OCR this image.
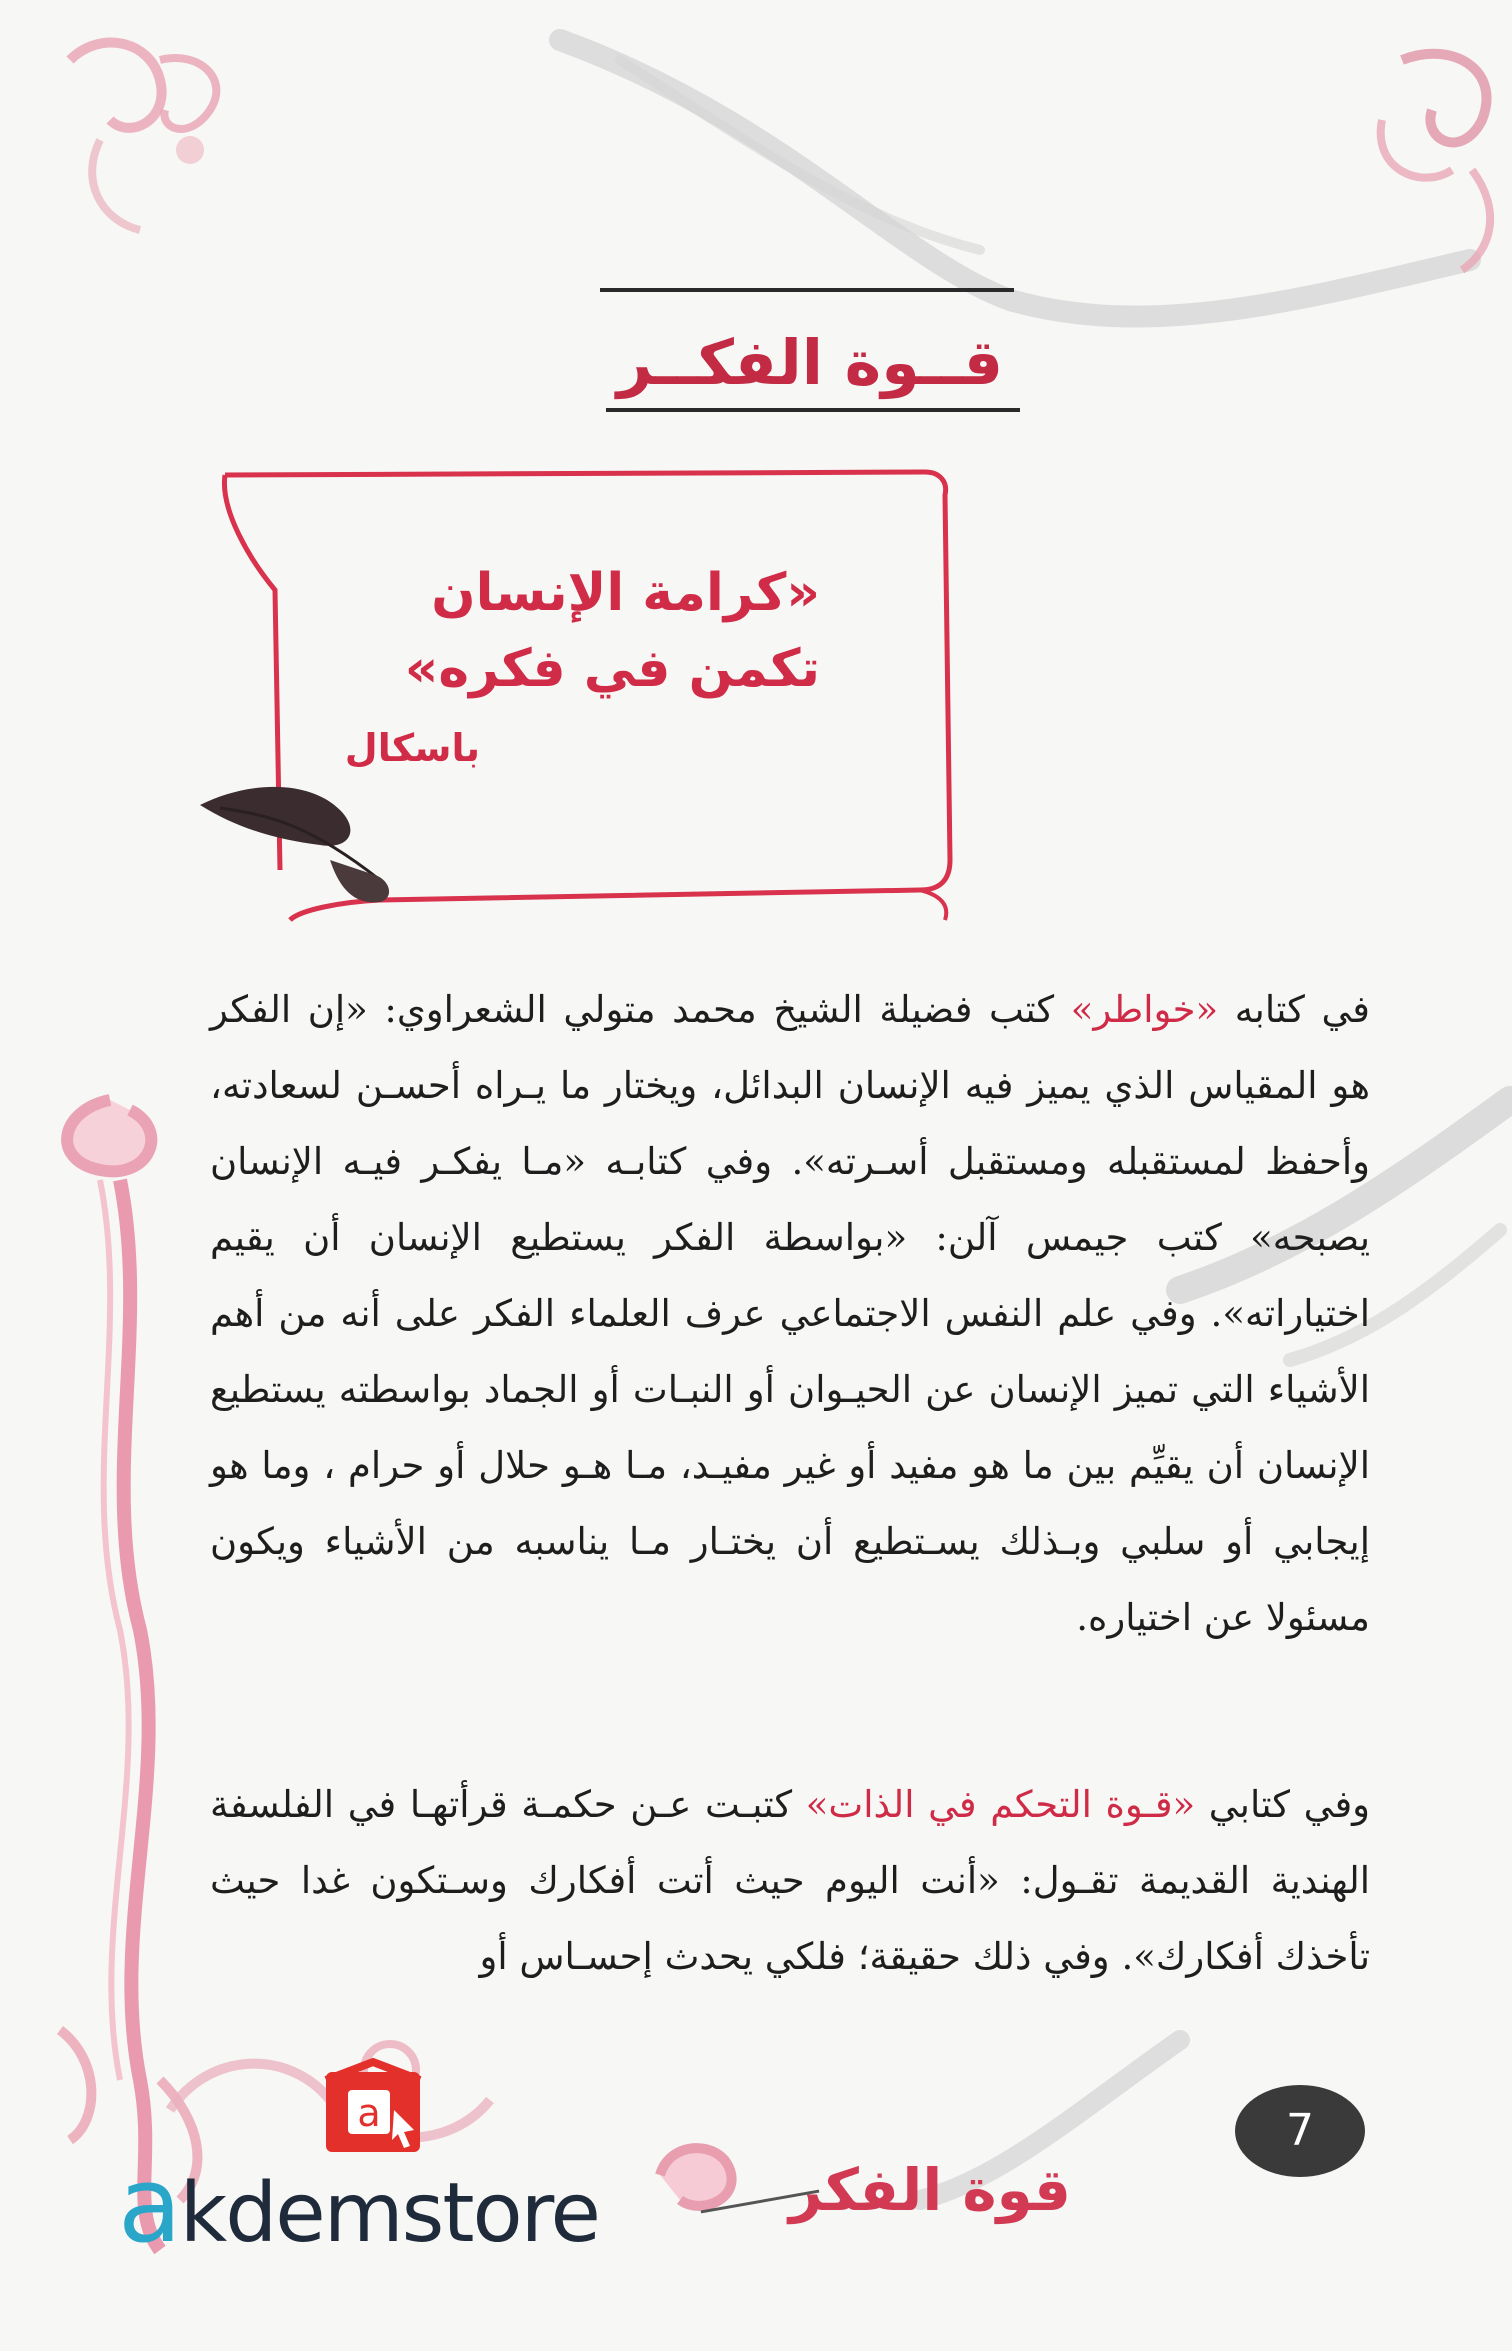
قــوة الفكــر
«كرامة الإنسان تكمن في فكره»
باسكال

في كتابه «خواطر» كتب فضيلة الشيخ محمد متولي الشعراوي: «إن الفكر هو المقياس الذي يميز فيه الإنسان البدائل، ويختار ما يـراه أحسـن لسعادته، وأحفظ لمستقبله ومستقبل أسـرته». وفي كتابـه «مـا يفكـر فيـه الإنسان يصبحه» كتب جيمس آلن: «بواسطة الفكر يستطيع الإنسان أن يقيم اختياراته». وفي علم النفس الاجتماعي عرف العلماء الفكر على أنه من أهم الأشياء التي تميز الإنسان عن الحيـوان أو النبـات أو الجماد بواسطته يستطيع الإنسان أن يقيِّم بين ما هو مفيد أو غير مفيـد، مـا هـو حلال أو حرام ، وما هو إيجابي أو سلبي وبـذلك يسـتطيع أن يختـار مـا يناسبه من الأشياء ويكون مسئولا عن اختياره.

وفي كتابي «قـوة التحكم في الذات» كتبـت عـن حكمـة قرأتهـا في الفلسفة الهندية القديمة تقـول: «أنت اليوم حيث أتت أفكارك وسـتكون غدا حيث تأخذك أفكارك». وفي ذلك حقيقة؛ فلكي يحدث إحسـاس أو

7
قوة الفكر
a
akdemstore
